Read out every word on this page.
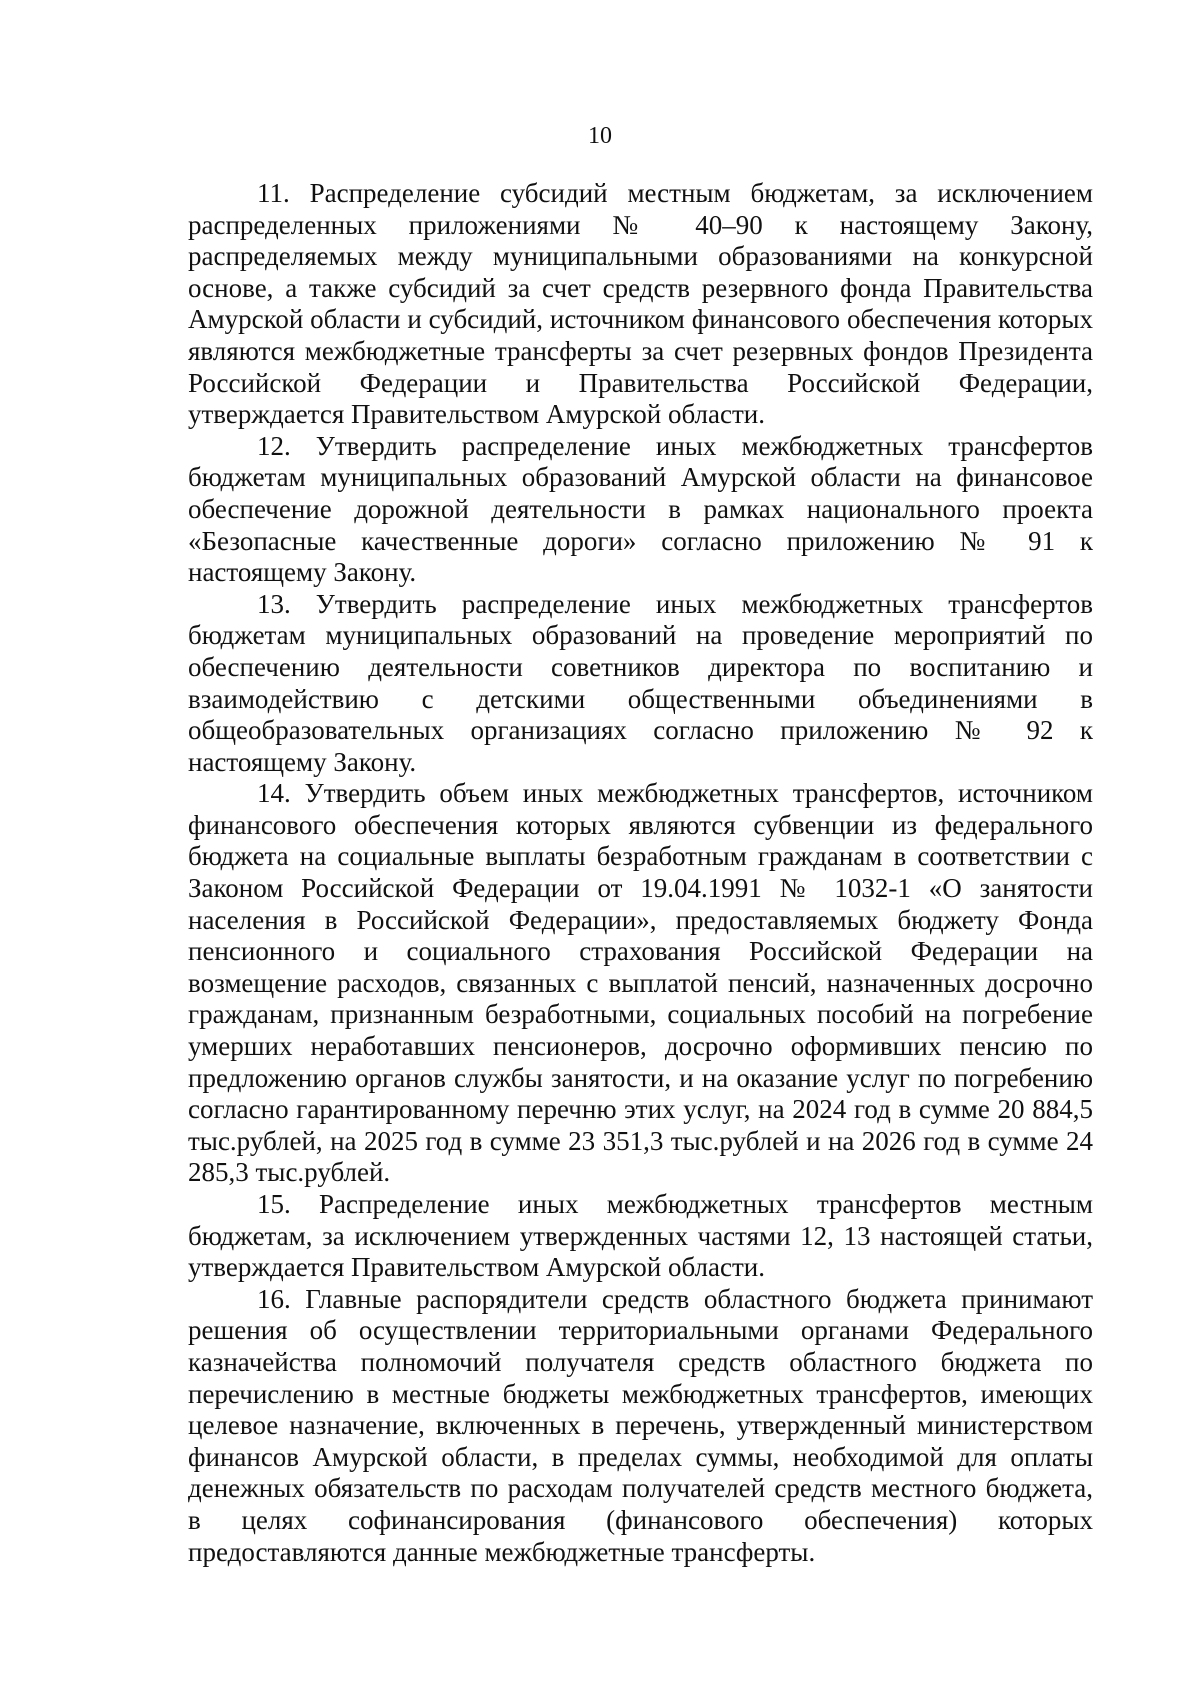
10

11. Распределение субсидий местным бюджетам, за исключением распределенных приложениями № 40–90 к настоящему Закону, распределяемых между муниципальными образованиями на конкурсной основе, а также субсидий за счет средств резервного фонда Правительства Амурской области и субсидий, источником финансового обеспечения которых являются межбюджетные трансферты за счет резервных фондов Президента Российской Федерации и Правительства Российской Федерации, утверждается Правительством Амурской области.

12. Утвердить распределение иных межбюджетных трансфертов бюджетам муниципальных образований Амурской области на финансовое обеспечение дорожной деятельности в рамках национального проекта «Безопасные качественные дороги» согласно приложению № 91 к настоящему Закону.

13. Утвердить распределение иных межбюджетных трансфертов бюджетам муниципальных образований на проведение мероприятий по обеспечению деятельности советников директора по воспитанию и взаимодействию с детскими общественными объединениями в общеобразовательных организациях согласно приложению № 92 к настоящему Закону.

14. Утвердить объем иных межбюджетных трансфертов, источником финансового обеспечения которых являются субвенции из федерального бюджета на социальные выплаты безработным гражданам в соответствии с Законом Российской Федерации от 19.04.1991 № 1032-1 «О занятости населения в Российской Федерации», предоставляемых бюджету Фонда пенсионного и социального страхования Российской Федерации на возмещение расходов, связанных с выплатой пенсий, назначенных досрочно гражданам, признанным безработными, социальных пособий на погребение умерших неработавших пенсионеров, досрочно оформивших пенсию по предложению органов службы занятости, и на оказание услуг по погребению согласно гарантированному перечню этих услуг, на 2024 год в сумме 20 884,5 тыс.рублей, на 2025 год в сумме 23 351,3 тыс.рублей и на 2026 год в сумме 24 285,3 тыс.рублей.

15. Распределение иных межбюджетных трансфертов местным бюджетам, за исключением утвержденных частями 12, 13 настоящей статьи, утверждается Правительством Амурской области.

16. Главные распорядители средств областного бюджета принимают решения об осуществлении территориальными органами Федерального казначейства полномочий получателя средств областного бюджета по перечислению в местные бюджеты межбюджетных трансфертов, имеющих целевое назначение, включенных в перечень, утвержденный министерством финансов Амурской области, в пределах суммы, необходимой для оплаты денежных обязательств по расходам получателей средств местного бюджета, в целях софинансирования (финансового обеспечения) которых предоставляются данные межбюджетные трансферты.
